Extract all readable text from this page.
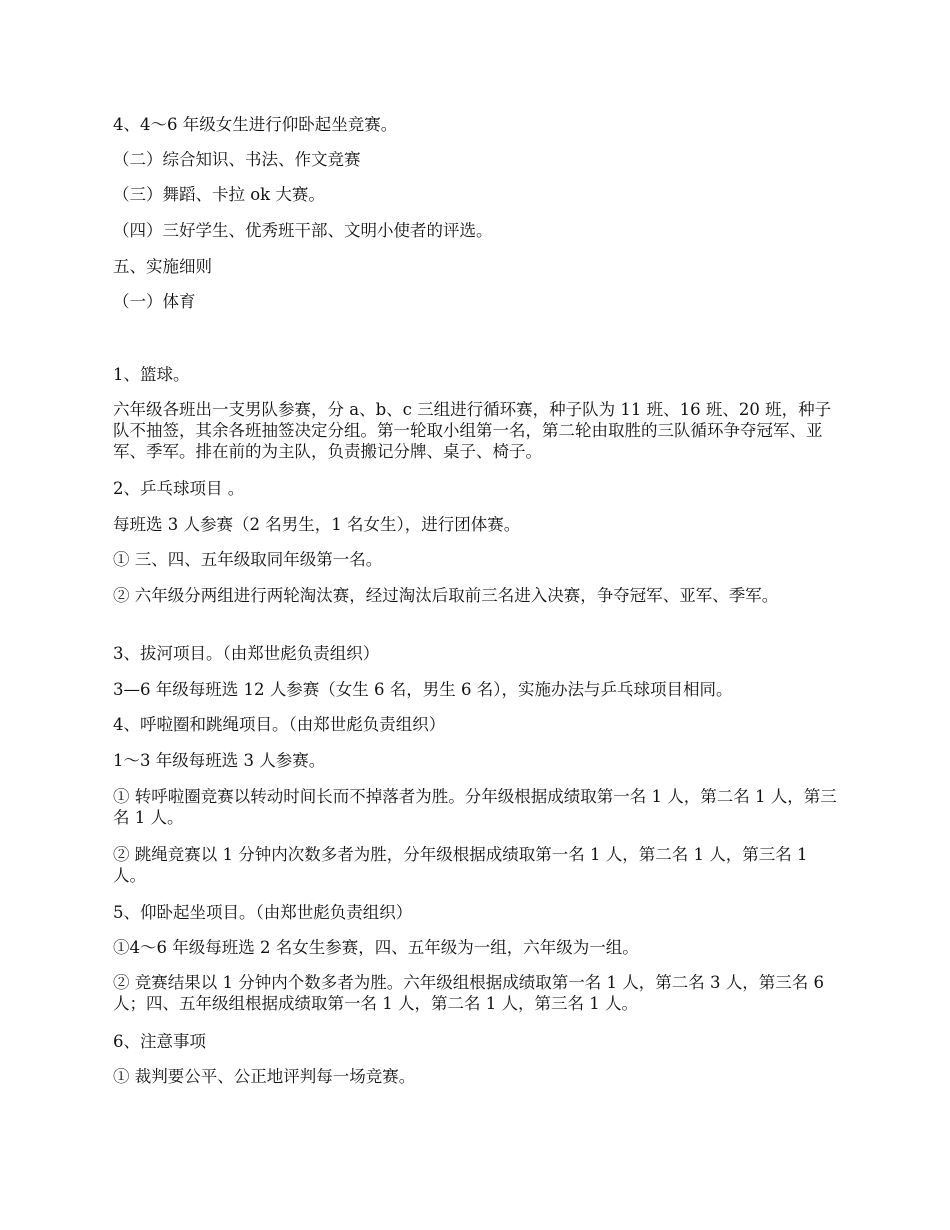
4、4～6 年级女生进行仰卧起坐竞赛。

（二）综合知识、书法、作文竞赛

（三）舞蹈、卡拉 ok 大赛。

（四）三好学生、优秀班干部、文明小使者的评选。

五、实施细则

（一）体育

1、篮球。

六年级各班出一支男队参赛，分 a、b、c 三组进行循环赛，种子队为 11 班、16 班、20 班，种子队不抽签，其余各班抽签决定分组。第一轮取小组第一名，第二轮由取胜的三队循环争夺冠军、亚军、季军。排在前的为主队，负责搬记分牌、桌子、椅子。

2、乒乓球项目 。

每班选 3 人参赛（2 名男生，1 名女生），进行团体赛。

① 三、四、五年级取同年级第一名。

② 六年级分两组进行两轮淘汰赛，经过淘汰后取前三名进入决赛，争夺冠军、亚军、季军。

3、拔河项目。（由郑世彪负责组织）

3—6 年级每班选 12 人参赛（女生 6 名，男生 6 名），实施办法与乒乓球项目相同。

4、呼啦圈和跳绳项目。（由郑世彪负责组织）

1～3 年级每班选 3 人参赛。

① 转呼啦圈竞赛以转动时间长而不掉落者为胜。分年级根据成绩取第一名 1 人，第二名 1 人，第三名 1 人。

② 跳绳竞赛以 1 分钟内次数多者为胜，分年级根据成绩取第一名 1 人，第二名 1 人，第三名 1 人。

5、仰卧起坐项目。（由郑世彪负责组织）

①4～6 年级每班选 2 名女生参赛，四、五年级为一组，六年级为一组。

② 竞赛结果以 1 分钟内个数多者为胜。六年级组根据成绩取第一名 1 人，第二名 3 人，第三名 6 人；四、五年级组根据成绩取第一名 1 人，第二名 1 人，第三名 1 人。

6、注意事项

① 裁判要公平、公正地评判每一场竞赛。
